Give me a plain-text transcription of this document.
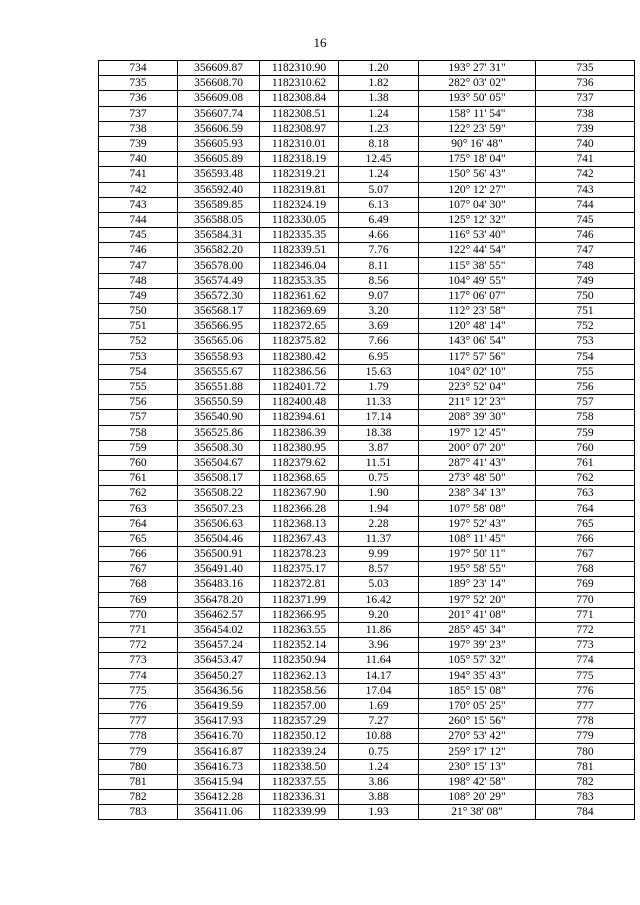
16
734	356609.87	1182310.90	1.20	193° 27' 31"	735
735	356608.70	1182310.62	1.82	282° 03' 02"	736
736	356609.08	1182308.84	1.38	193° 50' 05"	737
737	356607.74	1182308.51	1.24	158° 11' 54"	738
738	356606.59	1182308.97	1.23	122° 23' 59"	739
739	356605.93	1182310.01	8.18	90° 16' 48"	740
740	356605.89	1182318.19	12.45	175° 18' 04"	741
741	356593.48	1182319.21	1.24	150° 56' 43"	742
742	356592.40	1182319.81	5.07	120° 12' 27"	743
743	356589.85	1182324.19	6.13	107° 04' 30"	744
744	356588.05	1182330.05	6.49	125° 12' 32"	745
745	356584.31	1182335.35	4.66	116° 53' 40"	746
746	356582.20	1182339.51	7.76	122° 44' 54"	747
747	356578.00	1182346.04	8.11	115° 38' 55"	748
748	356574.49	1182353.35	8.56	104° 49' 55"	749
749	356572.30	1182361.62	9.07	117° 06' 07"	750
750	356568.17	1182369.69	3.20	112° 23' 58"	751
751	356566.95	1182372.65	3.69	120° 48' 14"	752
752	356565.06	1182375.82	7.66	143° 06' 54"	753
753	356558.93	1182380.42	6.95	117° 57' 56"	754
754	356555.67	1182386.56	15.63	104° 02' 10"	755
755	356551.88	1182401.72	1.79	223° 52' 04"	756
756	356550.59	1182400.48	11.33	211° 12' 23"	757
757	356540.90	1182394.61	17.14	208° 39' 30"	758
758	356525.86	1182386.39	18.38	197° 12' 45"	759
759	356508.30	1182380.95	3.87	200° 07' 20"	760
760	356504.67	1182379.62	11.51	287° 41' 43"	761
761	356508.17	1182368.65	0.75	273° 48' 50"	762
762	356508.22	1182367.90	1.90	238° 34' 13"	763
763	356507.23	1182366.28	1.94	107° 58' 08"	764
764	356506.63	1182368.13	2.28	197° 52' 43"	765
765	356504.46	1182367.43	11.37	108° 11' 45"	766
766	356500.91	1182378.23	9.99	197° 50' 11"	767
767	356491.40	1182375.17	8.57	195° 58' 55"	768
768	356483.16	1182372.81	5.03	189° 23' 14"	769
769	356478.20	1182371.99	16.42	197° 52' 20"	770
770	356462.57	1182366.95	9.20	201° 41' 08"	771
771	356454.02	1182363.55	11.86	285° 45' 34"	772
772	356457.24	1182352.14	3.96	197° 39' 23"	773
773	356453.47	1182350.94	11.64	105° 57' 32"	774
774	356450.27	1182362.13	14.17	194° 35' 43"	775
775	356436.56	1182358.56	17.04	185° 15' 08"	776
776	356419.59	1182357.00	1.69	170° 05' 25"	777
777	356417.93	1182357.29	7.27	260° 15' 56"	778
778	356416.70	1182350.12	10.88	270° 53' 42"	779
779	356416.87	1182339.24	0.75	259° 17' 12"	780
780	356416.73	1182338.50	1.24	230° 15' 13"	781
781	356415.94	1182337.55	3.86	198° 42' 58"	782
782	356412.28	1182336.31	3.88	108° 20' 29"	783
783	356411.06	1182339.99	1.93	21° 38' 08"	784
